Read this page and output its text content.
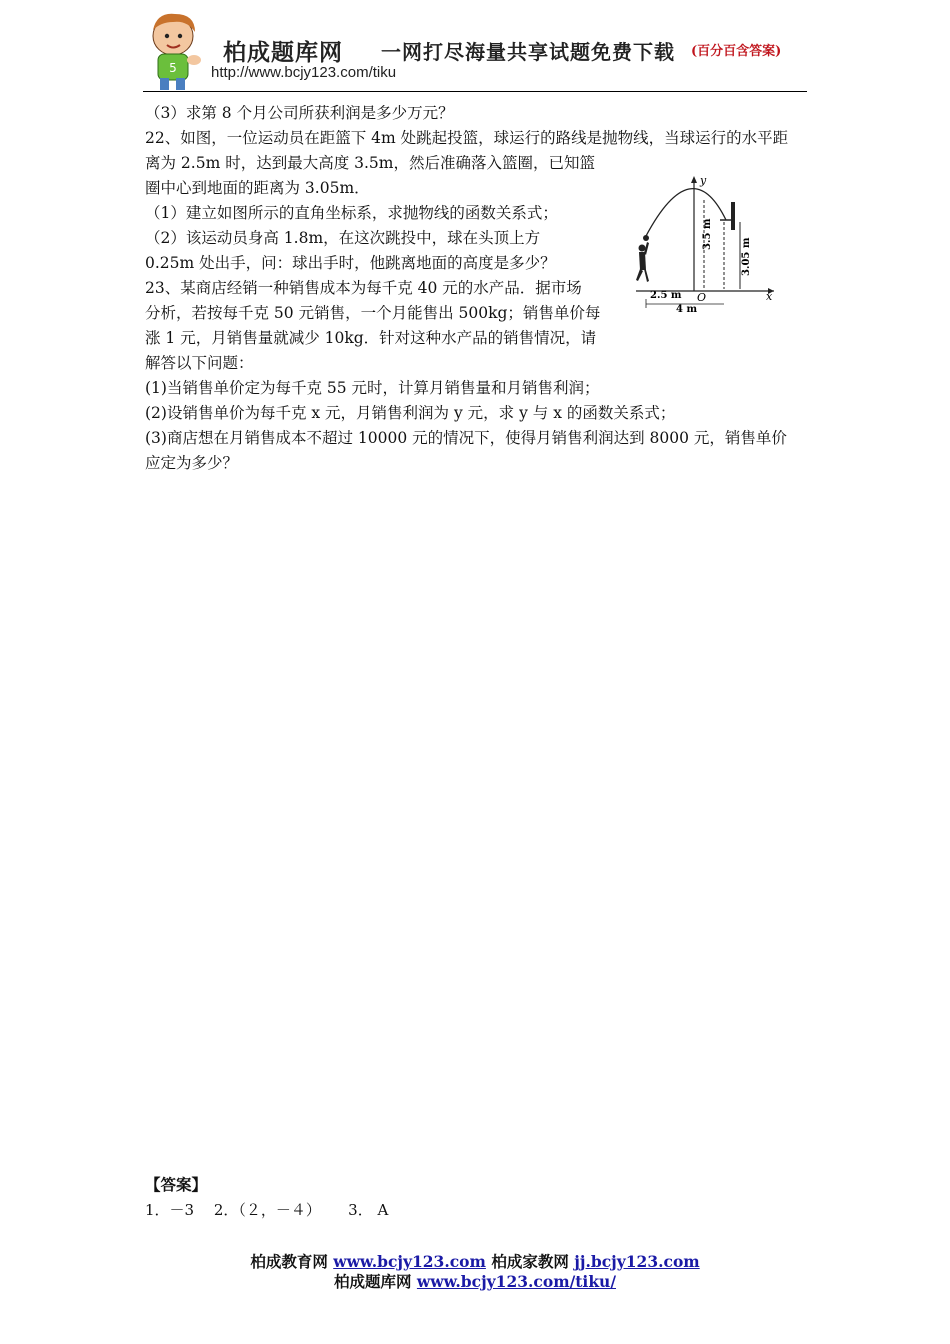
5
柏成题库网 一网打尽海量共享试题免费下载 (百分百含答案)
http://www.bcjy123.com/tiku
（3）求第 8 个月公司所获利润是多少万元？
22、如图，一位运动员在距篮下 4m 处跳起投篮，球运行的路线是抛物线，当球运行的水平距
离为 2.5m 时，达到最大高度 3.5m，然后准确落入篮圈，已知篮
圈中心到地面的距离为 3.05m．
（1）建立如图所示的直角坐标系，求抛物线的函数关系式；
（2）该运动员身高 1.8m，在这次跳投中，球在头顶上方
0.25m 处出手，问：球出手时，他跳离地面的高度是多少？
23、某商店经销一种销售成本为每千克 40 元的水产品．据市场
分析，若按每千克 50 元销售，一个月能售出 500kg；销售单价每
涨 1 元，月销售量就减少 10kg．针对这种水产品的销售情况，请
解答以下问题：
(1)当销售单价定为每千克 55 元时，计算月销售量和月销售利润；
(2)设销售单价为每千克 x 元，月销售利润为 y 元，求 y 与 x 的函数关系式；
(3)商店想在月销售成本不超过 10000 元的情况下，使得月销售利润达到 8000 元，销售单价
应定为多少？
x
y
O
3.5 m
3.05 m
2.5 m
4 m
【答案】
1．－3　 2．（２，－４）　　 3． A
柏成教育网 www.bcjy123.com 柏成家教网 jj.bcjy123.com
柏成题库网 www.bcjy123.com/tiku/
